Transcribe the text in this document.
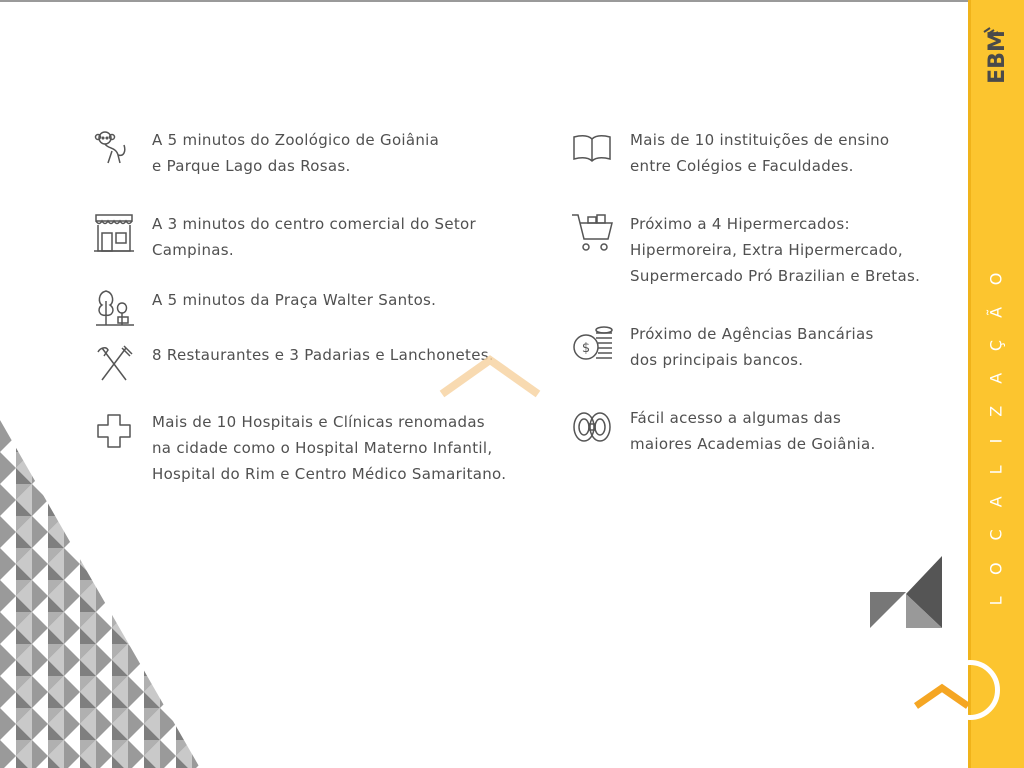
A 5 minutos do Zoológico de Goiânia
e Parque Lago das Rosas.
A 3 minutos do centro comercial do Setor
Campinas.
A 5 minutos da Praça Walter Santos.
8 Restaurantes e 3 Padarias e Lanchonetes.
Mais de 10 Hospitais e Clínicas renomadas
na cidade como o Hospital Materno Infantil,
Hospital do Rim e Centro Médico Samaritano.
Mais de 10 instituições de ensino
entre Colégios e Faculdades.
Próximo a 4 Hipermercados:
Hipermoreira, Extra Hipermercado,
Supermercado Pró Brazilian e Bretas.
$
Próximo de Agências Bancárias
dos principais bancos.
Fácil acesso a algumas das
maiores Academias de Goiânia.
EBM
LOCALIZAÇÃO
